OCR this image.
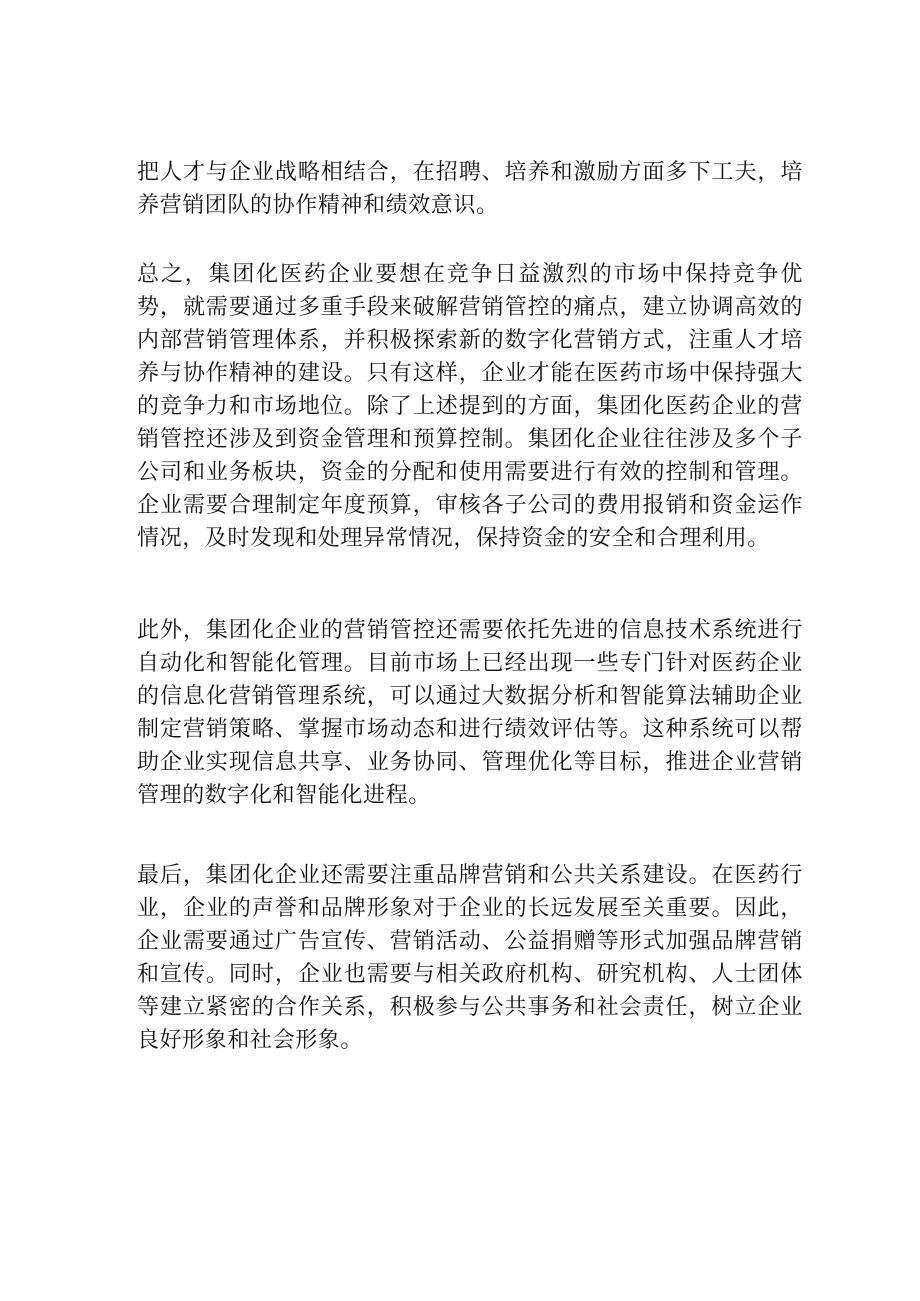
把人才与企业战略相结合，在招聘、培养和激励方面多下工夫，培养营销团队的协作精神和绩效意识。

总之，集团化医药企业要想在竞争日益激烈的市场中保持竞争优势，就需要通过多重手段来破解营销管控的痛点，建立协调高效的内部营销管理体系，并积极探索新的数字化营销方式，注重人才培养与协作精神的建设。只有这样，企业才能在医药市场中保持强大的竞争力和市场地位。除了上述提到的方面，集团化医药企业的营销管控还涉及到资金管理和预算控制。集团化企业往往涉及多个子公司和业务板块，资金的分配和使用需要进行有效的控制和管理。企业需要合理制定年度预算，审核各子公司的费用报销和资金运作情况，及时发现和处理异常情况，保持资金的安全和合理利用。

此外，集团化企业的营销管控还需要依托先进的信息技术系统进行自动化和智能化管理。目前市场上已经出现一些专门针对医药企业的信息化营销管理系统，可以通过大数据分析和智能算法辅助企业制定营销策略、掌握市场动态和进行绩效评估等。这种系统可以帮助企业实现信息共享、业务协同、管理优化等目标，推进企业营销管理的数字化和智能化进程。

最后，集团化企业还需要注重品牌营销和公共关系建设。在医药行业，企业的声誉和品牌形象对于企业的长远发展至关重要。因此，企业需要通过广告宣传、营销活动、公益捐赠等形式加强品牌营销和宣传。同时，企业也需要与相关政府机构、研究机构、人士团体等建立紧密的合作关系，积极参与公共事务和社会责任，树立企业良好形象和社会形象。
